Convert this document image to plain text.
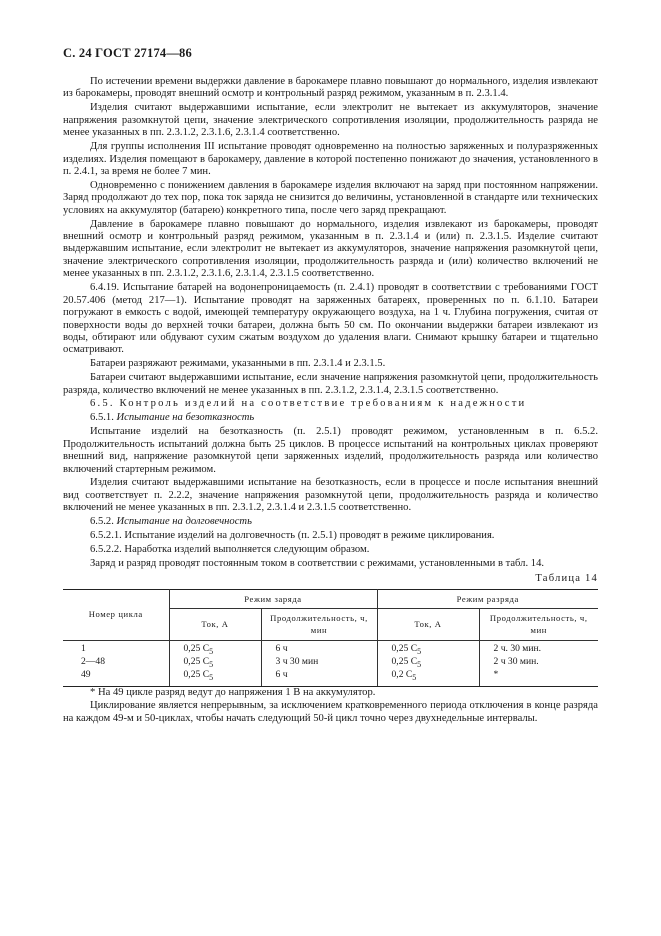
С. 24 ГОСТ 27174—86

По истечении времени выдержки давление в барокамере плавно повышают до нормального, изделия извлекают из барокамеры, проводят внешний осмотр и контрольный разряд режимом, указанным в п. 2.3.1.4.

Изделия считают выдержавшими испытание, если электролит не вытекает из аккумуляторов, значение напряжения разомкнутой цепи, значение электрического сопротивления изоляции, продолжительность разряда не менее указанных в пп. 2.3.1.2, 2.3.1.6, 2.3.1.4 соответственно.

Для группы исполнения III испытание проводят одновременно на полностью заряженных и полуразряженных изделиях. Изделия помещают в барокамеру, давление в которой постепенно понижают до значения, установленного в п. 2.4.1, за время не более 7 мин.

Одновременно с понижением давления в барокамере изделия включают на заряд при постоянном напряжении. Заряд продолжают до тех пор, пока ток заряда не снизится до величины, установленной в стандарте или технических условиях на аккумулятор (батарею) конкретного типа, после чего заряд прекращают.

Давление в барокамере плавно повышают до нормального, изделия извлекают из барокамеры, проводят внешний осмотр и контрольный разряд режимом, указанным в п. 2.3.1.4 и (или) п. 2.3.1.5. Изделие считают выдержавшим испытание, если электролит не вытекает из аккумуляторов, значение напряжения разомкнутой цепи, значение электрического сопротивления изоляции, продолжительность разряда и (или) количество включений не менее указанных в пп. 2.3.1.2, 2.3.1.6, 2.3.1.4, 2.3.1.5 соответственно.

6.4.19. Испытание батарей на водонепроницаемость (п. 2.4.1) проводят в соответствии с требованиями ГОСТ 20.57.406 (метод 217—1). Испытание проводят на заряженных батареях, проверенных по п. 6.1.10. Батареи погружают в емкость с водой, имеющей температуру окружающего воздуха, на 1 ч. Глубина погружения, считая от поверхности воды до верхней точки батареи, должна быть 50 см. По окончании выдержки батареи извлекают из воды, обтирают или обдувают сухим сжатым воздухом до удаления влаги. Снимают крышку батареи и тщательно осматривают.

Батареи разряжают режимами, указанными в пп. 2.3.1.4 и 2.3.1.5.

Батареи считают выдержавшими испытание, если значение напряжения разомкнутой цепи, продолжительность разряда, количество включений не менее указанных в пп. 2.3.1.2, 2.3.1.4, 2.3.1.5 соответственно.

6.5. Контроль изделий на соответствие требованиям к надежности

6.5.1. Испытание на безотказность

Испытание изделий на безотказность (п. 2.5.1) проводят режимом, установленным в п. 6.5.2. Продолжительность испытаний должна быть 25 циклов. В процессе испытаний на контрольных циклах проверяют внешний вид, напряжение разомкнутой цепи заряженных изделий, продолжительность разряда или количество включений стартерным режимом.

Изделия считают выдержавшими испытание на безотказность, если в процессе и после испытания внешний вид соответствует п. 2.2.2, значение напряжения разомкнутой цепи, продолжительность разряда и количество включений не менее указанных в пп. 2.3.1.2, 2.3.1.4 и 2.3.1.5 соответственно.

6.5.2. Испытание на долговечность

6.5.2.1. Испытание изделий на долговечность (п. 2.5.1) проводят в режиме циклирования.

6.5.2.2. Наработка изделий выполняется следующим образом.

Заряд и разряд проводят постоянным током в соответствии с режимами, установленными в табл. 14.

Таблица 14
Номер цикла	Режим заряда		Режим разряда	
	Ток, А	Продолжительность, ч, мин	Ток, А	Продолжительность, ч, мин
1	0,25 $C_5$	6 ч	0,25 $C_5$	2 ч. 30 мин.
2—48	0,25 $C_5$	3 ч 30 мин	0,25 $C_5$	2 ч 30 мин.
49	0,25 $C_5$	6 ч	0,2 $C_5$	*

* На 49 цикле разряд ведут до напряжения 1 В на аккумулятор.

Циклирование является непрерывным, за исключением кратковременного периода отключения в конце разряда на каждом 49-м и 50-циклах, чтобы начать следующий 50-й цикл точно через двухнедельные интервалы.
